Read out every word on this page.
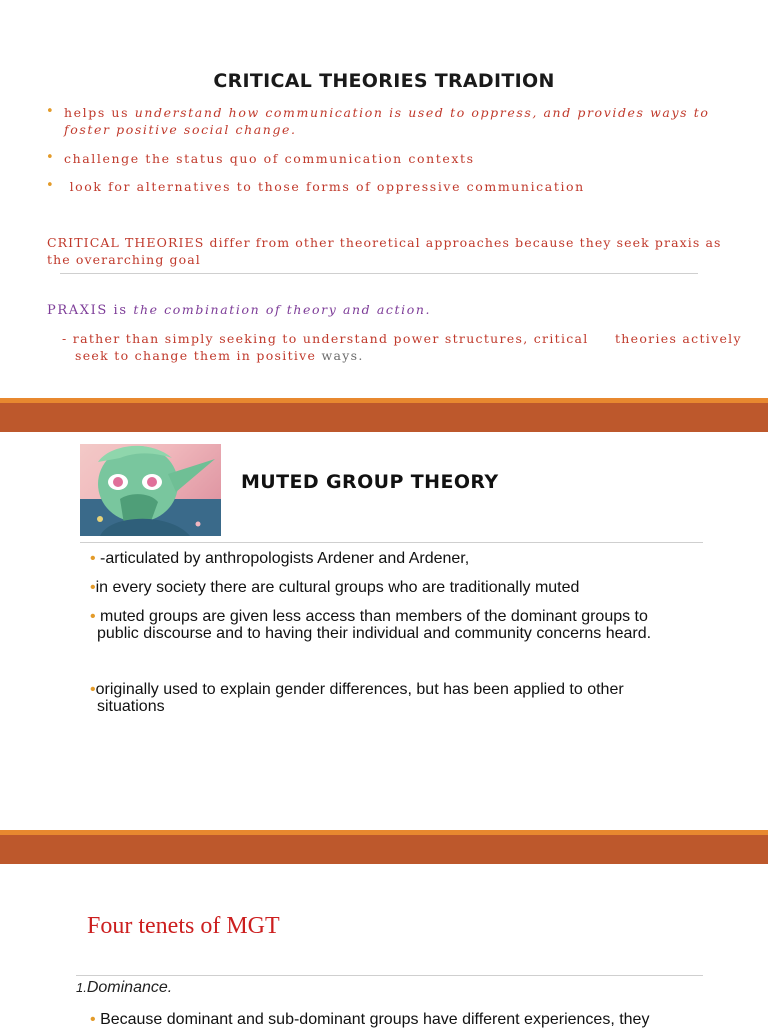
CRITICAL THEORIES TRADITION
• helps us understand how communication is used to oppress, and provides ways to
foster positive social change.
• challenge the status quo of communication contexts
• look for alternatives to those forms of oppressive communication
CRITICAL THEORIES differ from other theoretical approaches because they seek praxis as
the overarching goal
PRAXIS is the combination of theory and action.
- rather than simply seeking to understand power structures, critical     theories actively
seek to change them in positive ways.
MUTED GROUP THEORY
• -articulated by anthropologists Ardener and Ardener,
•in every society there are cultural groups who are traditionally muted
• muted groups are given less access than members of the dominant groups to
public discourse and to having their individual and community concerns heard.
•originally used to explain gender differences, but has been applied to other
situations
Four tenets of MGT
1.Dominance.
• Because dominant and sub-dominant groups have different experiences, they
